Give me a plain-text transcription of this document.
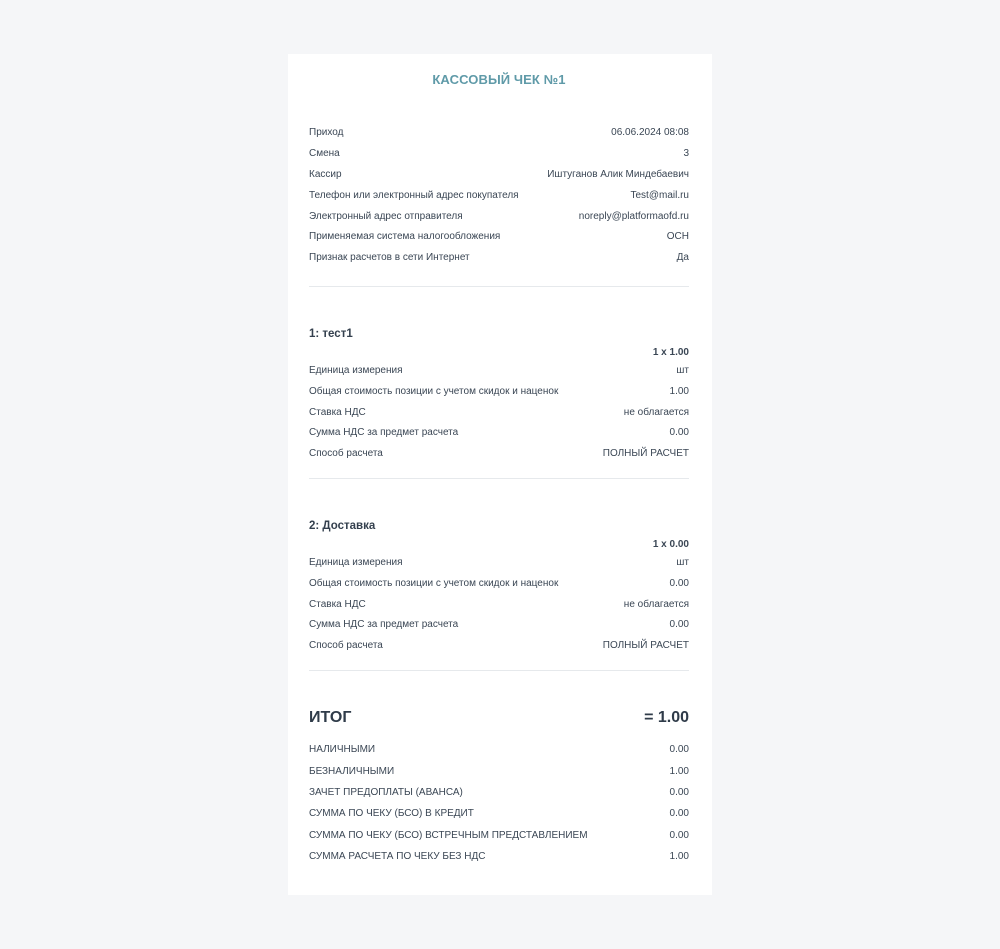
КАССОВЫЙ ЧЕК №1
Приход	06.06.2024 08:08
Смена	3
Кассир	Иштуганов Алик Миндебаевич
Телефон или электронный адрес покупателя	Test@mail.ru
Электронный адрес отправителя	noreply@platformaofd.ru
Применяемая система налогообложения	ОСН
Признак расчетов в сети Интернет	Да
1: тест1
1 x 1.00
Единица измерения	шт
Общая стоимость позиции с учетом скидок и наценок	1.00
Ставка НДС	не облагается
Сумма НДС за предмет расчета	0.00
Способ расчета	ПОЛНЫЙ РАСЧЕТ
2: Доставка
1 x 0.00
Единица измерения	шт
Общая стоимость позиции с учетом скидок и наценок	0.00
Ставка НДС	не облагается
Сумма НДС за предмет расчета	0.00
Способ расчета	ПОЛНЫЙ РАСЧЕТ
ИТОГ	= 1.00
НАЛИЧНЫМИ	0.00
БЕЗНАЛИЧНЫМИ	1.00
ЗАЧЕТ ПРЕДОПЛАТЫ (АВАНСА)	0.00
СУММА ПО ЧЕКУ (БСО) В КРЕДИТ	0.00
СУММА ПО ЧЕКУ (БСО) ВСТРЕЧНЫМ ПРЕДСТАВЛЕНИЕМ	0.00
СУММА РАСЧЕТА ПО ЧЕКУ БЕЗ НДС	1.00
